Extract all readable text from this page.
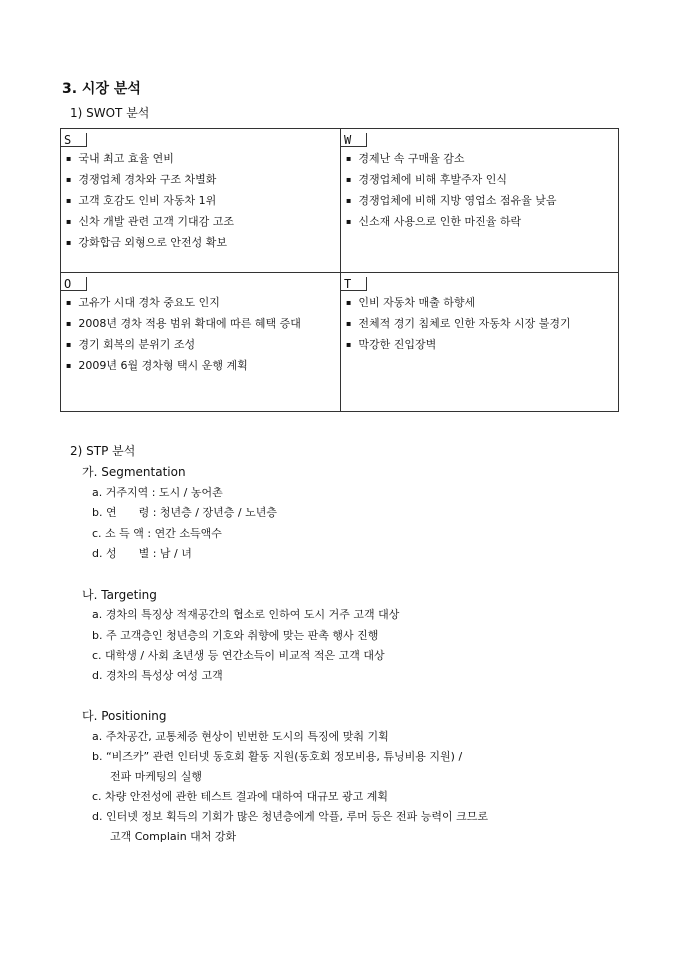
3. 시장 분석
1) SWOT 분석
S
▪ 국내 최고 효율 연비
▪ 경쟁업체 경차와 구조 차별화
▪ 고객 호감도 인비 자동차 1위
▪ 신차 개발 관련 고객 기대감 고조
▪ 강화합금 외형으로 안전성 확보
W
▪ 경제난 속 구매율 감소
▪ 경쟁업체에 비해 후발주자 인식
▪ 경쟁업체에 비해 지방 영업소 점유율 낮음
▪ 신소재 사용으로 인한 마진율 하락
O
▪ 고유가 시대 경차 중요도 인지
▪ 2008년 경차 적용 범위 확대에 따른 혜택 증대
▪ 경기 회복의 분위기 조성
▪ 2009년 6월 경차형 택시 운행 계획
T
▪ 인비 자동차 매출 하향세
▪ 전체적 경기 침체로 인한 자동차 시장 불경기
▪ 막강한 진입장벽
2) STP 분석
가. Segmentation
a. 거주지역 : 도시 / 농어촌
b. 연　　령 : 청년층 / 장년층 / 노년층
c. 소 득 액 : 연간 소득액수
d. 성　　별 : 남 / 녀
나. Targeting
a. 경차의 특징상 적재공간의 협소로 인하여 도시 거주 고객 대상
b. 주 고객층인 청년층의 기호와 취향에 맞는 판촉 행사 진행
c. 대학생 / 사회 초년생 등 연간소득이 비교적 적은 고객 대상
d. 경차의 특성상 여성 고객
다. Positioning
a. 주차공간, 교통체증 현상이 빈번한 도시의 특징에 맞춰 기획
b. “비즈카” 관련 인터넷 동호회 활동 지원(동호회 정모비용, 튜닝비용 지원) /
전파 마케팅의 실행
c. 차량 안전성에 관한 테스트 결과에 대하여 대규모 광고 계획
d. 인터넷 정보 획득의 기회가 많은 청년층에게 악플, 루머 등은 전파 능력이 크므로
고객 Complain 대처 강화
